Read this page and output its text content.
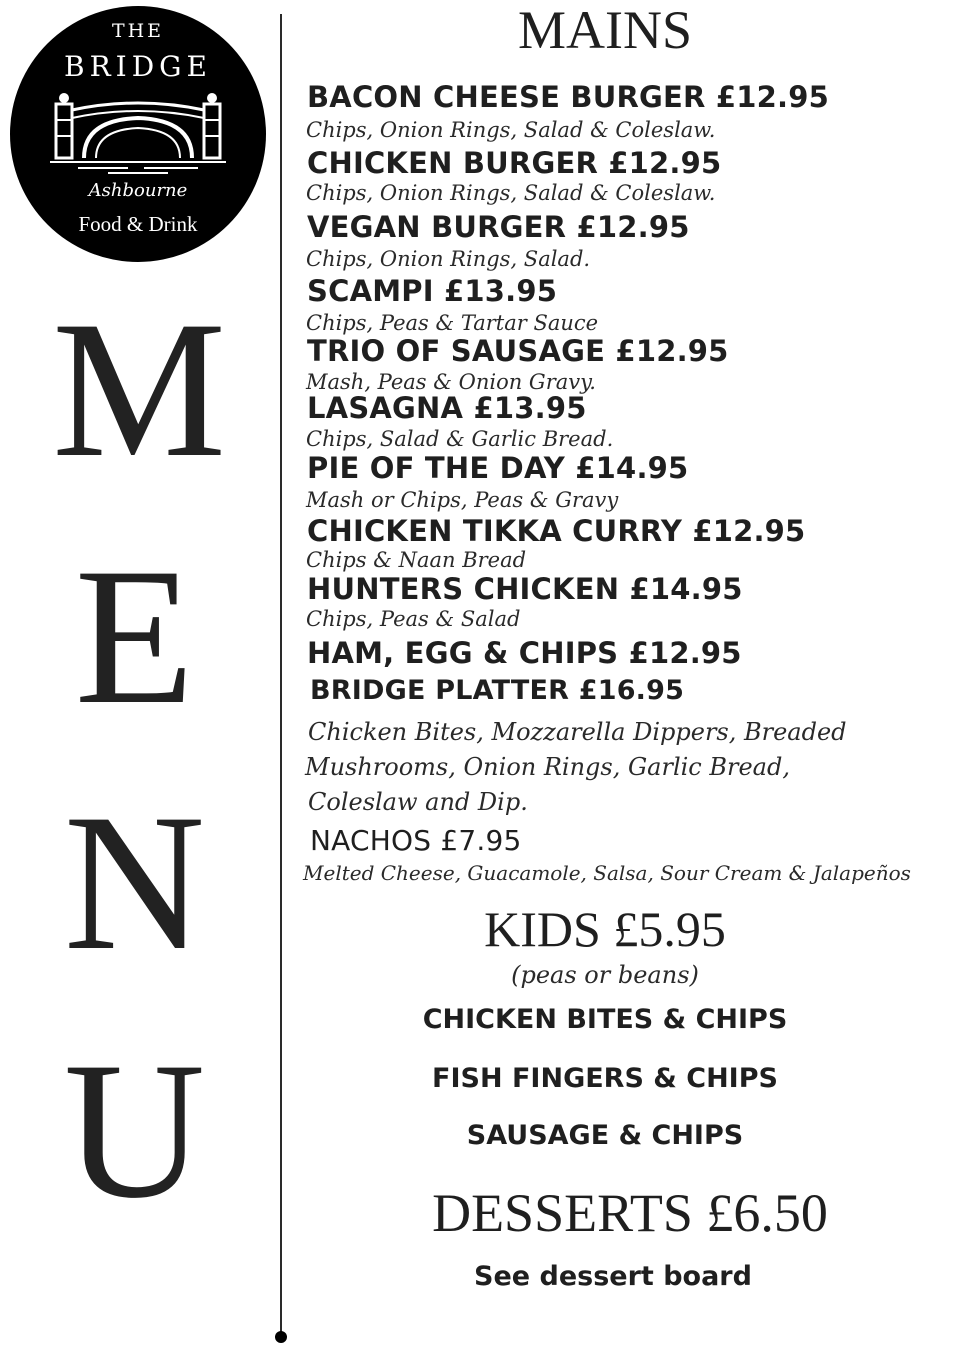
THE
BRIDGE
Ashbourne
Food & Drink
M
E
N
U
MAINS
BACON CHEESE BURGER £12.95
Chips, Onion Rings, Salad & Coleslaw.
CHICKEN BURGER £12.95
Chips, Onion Rings, Salad & Coleslaw.
VEGAN BURGER £12.95
Chips, Onion Rings, Salad.
SCAMPI £13.95
Chips, Peas & Tartar Sauce
TRIO OF SAUSAGE £12.95
Mash, Peas & Onion Gravy.
LASAGNA £13.95
Chips, Salad & Garlic Bread.
PIE OF THE DAY £14.95
Mash or Chips, Peas & Gravy
CHICKEN TIKKA CURRY £12.95
Chips & Naan Bread
HUNTERS CHICKEN £14.95
Chips, Peas & Salad
HAM, EGG & CHIPS £12.95
BRIDGE PLATTER £16.95
Chicken Bites, Mozzarella Dippers, Breaded
Mushrooms, Onion Rings, Garlic Bread,
Coleslaw and Dip.
NACHOS £7.95
Melted Cheese, Guacamole, Salsa, Sour Cream & Jalapeños
KIDS £5.95
(peas or beans)
CHICKEN BITES & CHIPS
FISH FINGERS & CHIPS
SAUSAGE & CHIPS
DESSERTS £6.50
See dessert board
